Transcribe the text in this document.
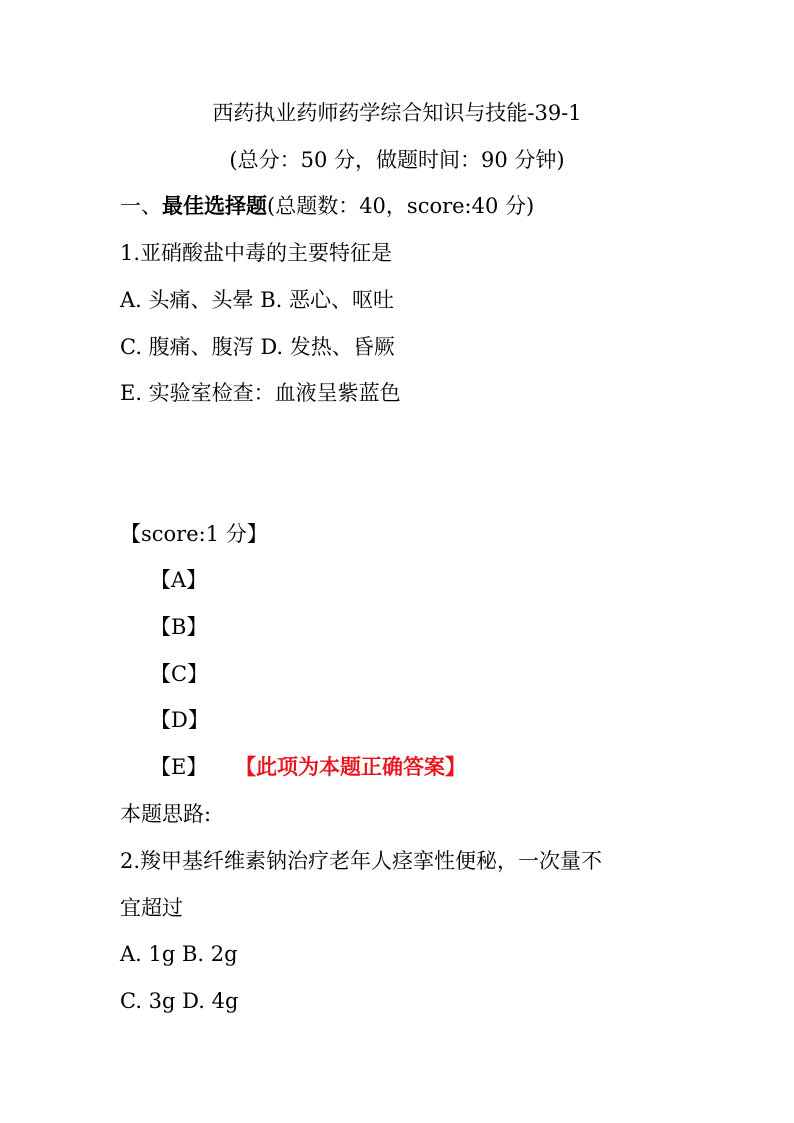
西药执业药师药学综合知识与技能-39-1
(总分：50 分，做题时间：90 分钟)
一、最佳选择题(总题数：40，score:40 分)
1.亚硝酸盐中毒的主要特征是
A. 头痛、头晕 B. 恶心、呕吐
C. 腹痛、腹泻 D. 发热、昏厥
E. 实验室检查：血液呈紫蓝色
【score:1 分】
【A】
【B】
【C】
【D】
【E】 【此项为本题正确答案】
本题思路:
2.羧甲基纤维素钠治疗老年人痉挛性便秘，一次量不
宜超过
A. 1g B. 2g
C. 3g D. 4g
